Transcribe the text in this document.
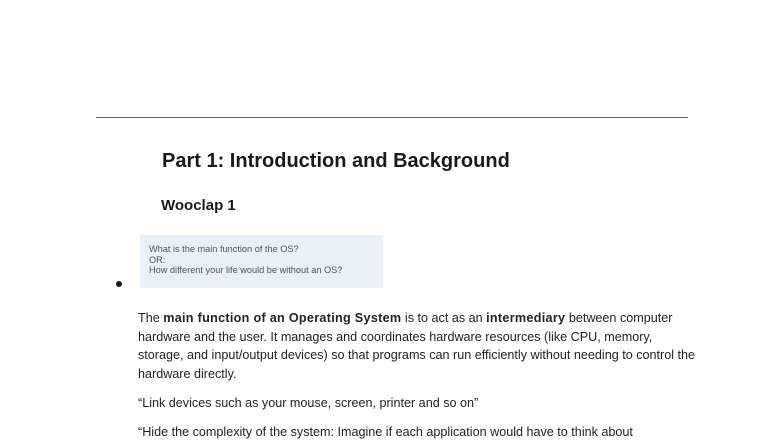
Part 1: Introduction and Background
Wooclap 1
What is the main function of the OS?
OR:
How different your life would be without an OS?

The main function of an Operating System is to act as an intermediary between computer hardware and the user. It manages and coordinates hardware resources (like CPU, memory, storage, and input/output devices) so that programs can run efficiently without needing to control the hardware directly.

“Link devices such as your mouse, screen, printer and so on”

“Hide the complexity of the system: Imagine if each application would have to think about
